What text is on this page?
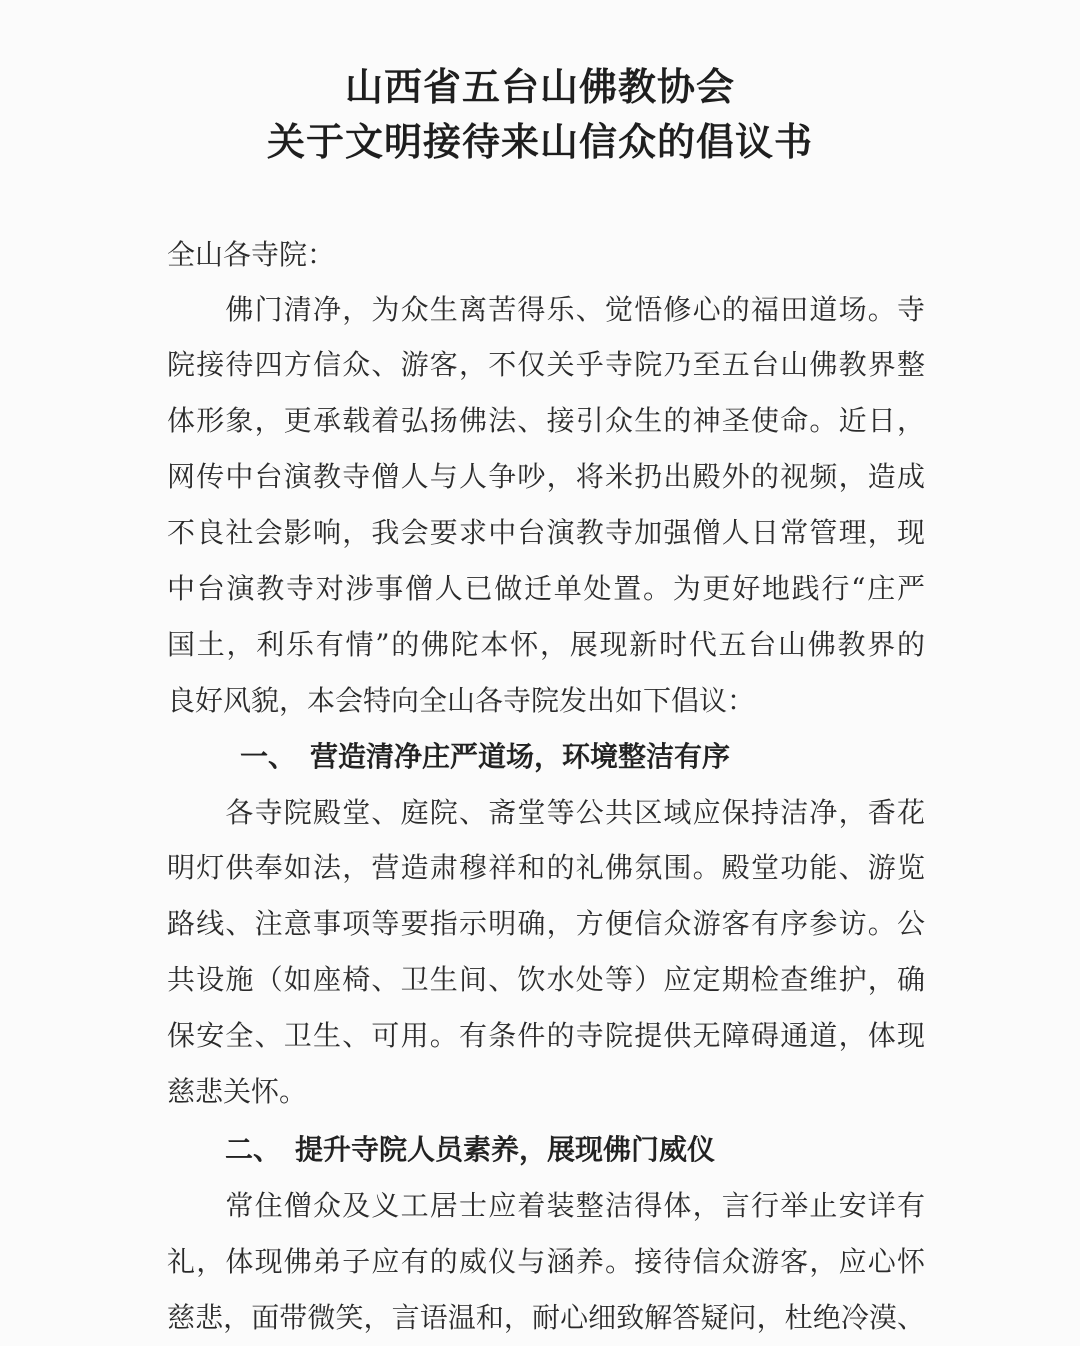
山西省五台山佛教协会
关于文明接待来山信众的倡议书
全山各寺院：
　　佛门清净，为众生离苦得乐、觉悟修心的福田道场。寺
院接待四方信众、游客，不仅关乎寺院乃至五台山佛教界整
体形象，更承载着弘扬佛法、接引众生的神圣使命。近日，
网传中台演教寺僧人与人争吵，将米扔出殿外的视频，造成
不良社会影响，我会要求中台演教寺加强僧人日常管理，现
中台演教寺对涉事僧人已做迁单处置。为更好地践行“庄严
国土，利乐有情”的佛陀本怀，展现新时代五台山佛教界的
良好风貌，本会特向全山各寺院发出如下倡议：
一、　营造清净庄严道场，环境整洁有序
　　各寺院殿堂、庭院、斋堂等公共区域应保持洁净，香花
明灯供奉如法，营造肃穆祥和的礼佛氛围。殿堂功能、游览
路线、注意事项等要指示明确，方便信众游客有序参访。公
共设施（如座椅、卫生间、饮水处等）应定期检查维护，确
保安全、卫生、可用。有条件的寺院提供无障碍通道，体现
慈悲关怀。
二、　提升寺院人员素养，展现佛门威仪
　　常住僧众及义工居士应着装整洁得体，言行举止安详有
礼，体现佛弟子应有的威仪与涵养。接待信众游客，应心怀
慈悲，面带微笑，言语温和，耐心细致解答疑问，杜绝冷漠、
